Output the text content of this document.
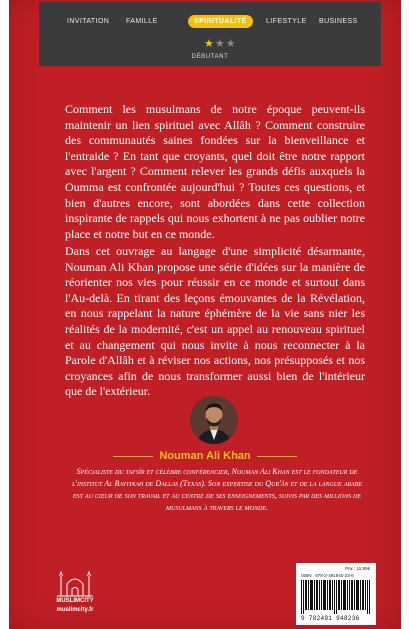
INVITATION FAMILLE	SPIRITUALITÉ	LIFESTYLE BUSINESS
★★★
DÉBUTANT

Comment les musulmans de notre époque peuvent-ils maintenir un lien spirituel avec Allâh ? Comment construire des communautés saines fondées sur la bienveillance et l'entraide ? En tant que croyants, quel doit être notre rapport avec l'argent ? Comment relever les grands défis auxquels la Oumma est confrontée aujourd'hui ? Toutes ces questions, et bien d'autres encore, sont abordées dans cette collection inspirante de rappels qui nous exhortent à ne pas oublier notre place et notre but en ce monde.

Dans cet ouvrage au langage d'une simplicité désarmante, Nouman Ali Khan propose une série d'idées sur la manière de réorienter nos vies pour réussir en ce monde et surtout dans l'Au-delà. En tirant des leçons émouvantes de la Révélation, en nous rappelant la nature éphémère de la vie sans nier les réalités de la modernité, c'est un appel au renouveau spirituel et au changement qui nous invite à nous reconnecter à la Parole d'Allâh et à réviser nos actions, nos présupposés et nos croyances afin de nous transformer aussi bien de l'intérieur que de l'extérieur.

Nouman Ali Khan

Spécialiste du tafsîr et célèbre conférencier, Nouman Ali Khan est le fondateur de l'institut Al Bayyinah de Dallas (Texas). Son expertise du Qur'ân et de la langue arabe est au cœur de son travail et au centre de ses enseignements, suivis par des millions de musulmans à travers le monde.

MUSLIMCITY
muslimcity.fr
Prix : 11.90€
ISBN : 978-2-491940-23-6
9 782491 948236
